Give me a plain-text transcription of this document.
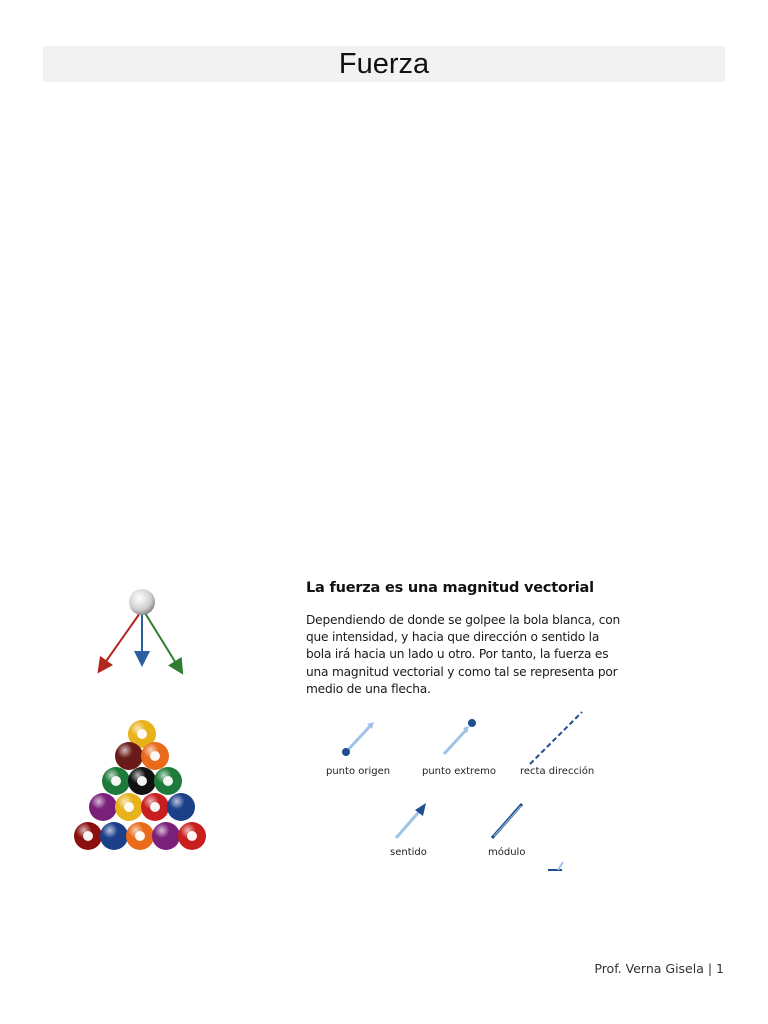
Fuerza
La fuerza es una magnitud vectorial

Dependiendo de donde se golpee la bola blanca, con que intensidad, y hacia que dirección o sentido la bola irá hacia un lado u otro. Por tanto, la fuerza es una magnitud vectorial y como tal se representa por medio de una flecha.

punto origen	punto extremo recta dirección
sentido	módulo
Prof. Verna Gisela | 1
